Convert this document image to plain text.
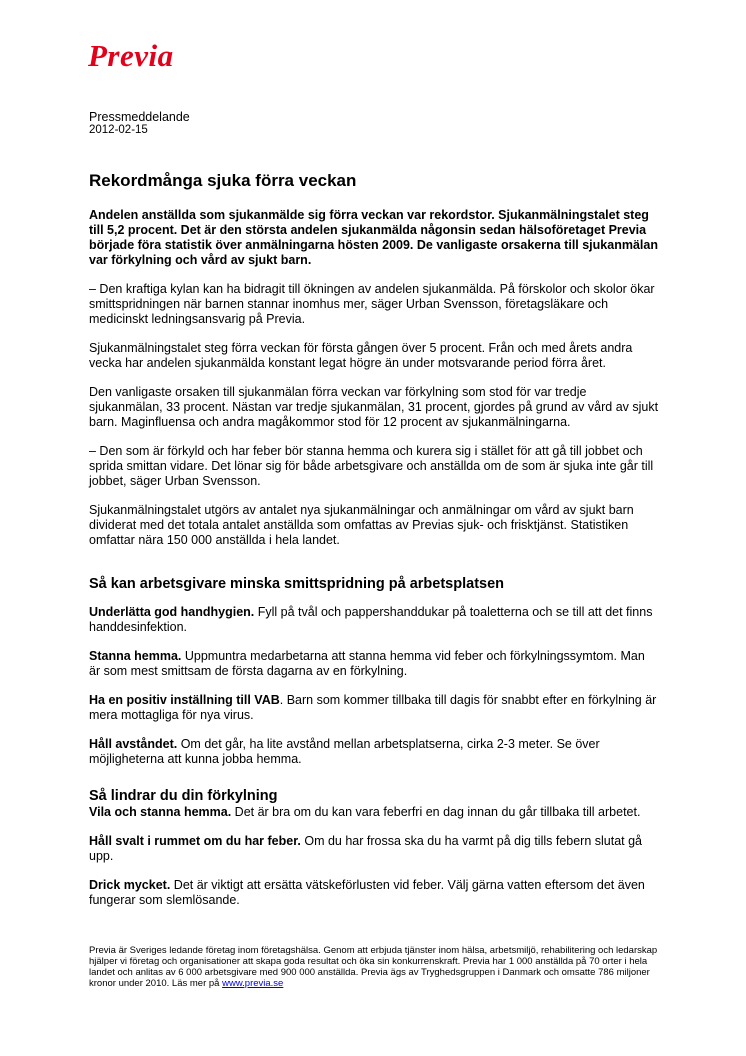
Previa
Pressmeddelande
2012-02-15
Rekordmånga sjuka förra veckan

Andelen anställda som sjukanmälde sig förra veckan var rekordstor. Sjukanmälningstalet steg till 5,2 procent. Det är den största andelen sjukanmälda någonsin sedan hälsoföretaget Previa började föra statistik över anmälningarna hösten 2009. De vanligaste orsakerna till sjukanmälan var förkylning och vård av sjukt barn.

– Den kraftiga kylan kan ha bidragit till ökningen av andelen sjukanmälda. På förskolor och skolor ökar smittspridningen när barnen stannar inomhus mer, säger Urban Svensson, företagsläkare och medicinskt ledningsansvarig på Previa.

Sjukanmälningstalet steg förra veckan för första gången över 5 procent. Från och med årets andra vecka har andelen sjukanmälda konstant legat högre än under motsvarande period förra året.

Den vanligaste orsaken till sjukanmälan förra veckan var förkylning som stod för var tredje sjukanmälan, 33 procent. Nästan var tredje sjukanmälan, 31 procent, gjordes på grund av vård av sjukt barn. Maginfluensa och andra magåkommor stod för 12 procent av sjukanmälningarna.

– Den som är förkyld och har feber bör stanna hemma och kurera sig i stället för att gå till jobbet och sprida smittan vidare. Det lönar sig för både arbetsgivare och anställda om de som är sjuka inte går till jobbet, säger Urban Svensson.

Sjukanmälningstalet utgörs av antalet nya sjukanmälningar och anmälningar om vård av sjukt barn dividerat med det totala antalet anställda som omfattas av Previas sjuk- och frisktjänst. Statistiken omfattar nära 150 000 anställda i hela landet.

Så kan arbetsgivare minska smittspridning på arbetsplatsen

Underlätta god handhygien. Fyll på tvål och pappershanddukar på toaletterna och se till att det finns handdesinfektion.

Stanna hemma. Uppmuntra medarbetarna att stanna hemma vid feber och förkylningssymtom. Man är som mest smittsam de första dagarna av en förkylning.

Ha en positiv inställning till VAB. Barn som kommer tillbaka till dagis för snabbt efter en förkylning är mera mottagliga för nya virus.

Håll avståndet. Om det går, ha lite avstånd mellan arbetsplatserna, cirka 2-3 meter. Se över möjligheterna att kunna jobba hemma.

Så lindrar du din förkylning

Vila och stanna hemma. Det är bra om du kan vara feberfri en dag innan du går tillbaka till arbetet.

Håll svalt i rummet om du har feber. Om du har frossa ska du ha varmt på dig tills febern slutat gå upp.

Drick mycket. Det är viktigt att ersätta vätskeförlusten vid feber. Välj gärna vatten eftersom det även fungerar som slemlösande.

Previa är Sveriges ledande företag inom företagshälsa. Genom att erbjuda tjänster inom hälsa, arbetsmiljö, rehabilitering och ledarskap hjälper vi företag och organisationer att skapa goda resultat och öka sin konkurrenskraft. Previa har 1 000 anställda på 70 orter i hela landet och anlitas av 6 000 arbetsgivare med 900 000 anställda. Previa ägs av Tryghedsgruppen i Danmark och omsatte 786 miljoner kronor under 2010. Läs mer på www.previa.se
